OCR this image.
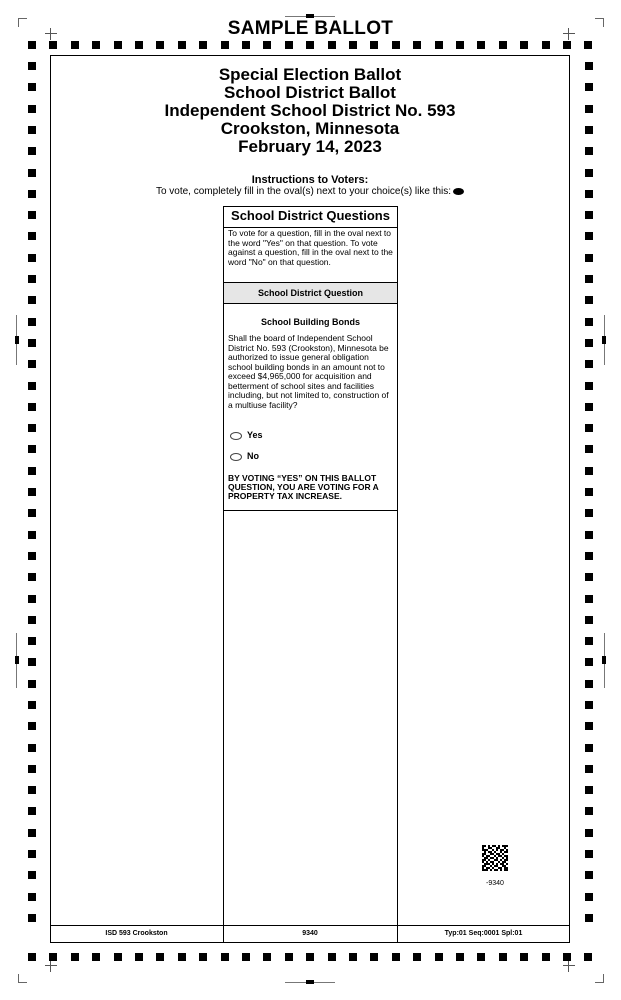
SAMPLE BALLOT
Special Election Ballot
School District Ballot
Independent School District No. 593
Crookston, Minnesota
February 14, 2023
Instructions to Voters:
To vote, completely fill in the oval(s) next to your choice(s) like this:
School District Questions
To vote for a question, fill in the oval next to the word "Yes" on that question. To vote against a question, fill in the oval next to the word "No" on that question.
School District Question
School Building Bonds
Shall the board of Independent School District No. 593 (Crookston), Minnesota be authorized to issue general obligation school building bonds in an amount not to exceed $4,965,000 for acquisition and betterment of school sites and facilities including, but not limited to, construction of a multiuse facility?
Yes
No
BY VOTING “YES” ON THIS BALLOT QUESTION, YOU ARE VOTING FOR A PROPERTY TAX INCREASE.
-9340
ISD 593 Crookston	9340	Typ:01 Seq:0001 Spl:01
